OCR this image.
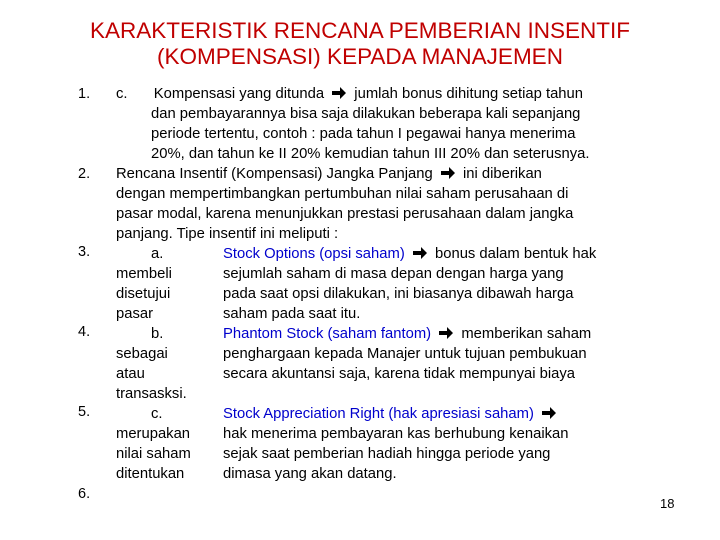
KARAKTERISTIK RENCANA PEMBERIAN INSENTIF
(KOMPENSASI) KEPADA MANAJEMEN
1.
2.
3.
4.
5.
6.
c. Kompensasi yang ditunda jumlah bonus dihitung setiap tahun
dan pembayarannya bisa saja dilakukan beberapa kali sepanjang
periode tertentu, contoh : pada tahun I pegawai hanya menerima
20%, dan tahun ke II 20% kemudian tahun III 20% dan seterusnya.
Rencana Insentif (Kompensasi) Jangka Panjang ini diberikan
dengan mempertimbangkan pertumbuhan nilai saham perusahaan di
pasar modal, karena menunjukkan prestasi perusahaan dalam jangka
panjang. Tipe insentif ini meliputi :
a.
membeli
disetujui
pasar
Stock Options (opsi saham) bonus dalam bentuk hak
sejumlah saham di masa depan dengan harga yang
pada saat opsi dilakukan, ini biasanya dibawah harga
saham pada saat itu.
b.
sebagai
atau
transasksi.
Phantom Stock (saham fantom) memberikan saham
penghargaan kepada Manajer untuk tujuan pembukuan
secara akuntansi saja, karena tidak mempunyai biaya
c.
merupakan
nilai saham
ditentukan
Stock Appreciation Right (hak apresiasi saham)
hak menerima pembayaran kas berhubung kenaikan
sejak saat pemberian hadiah hingga periode yang
dimasa yang akan datang.
18
